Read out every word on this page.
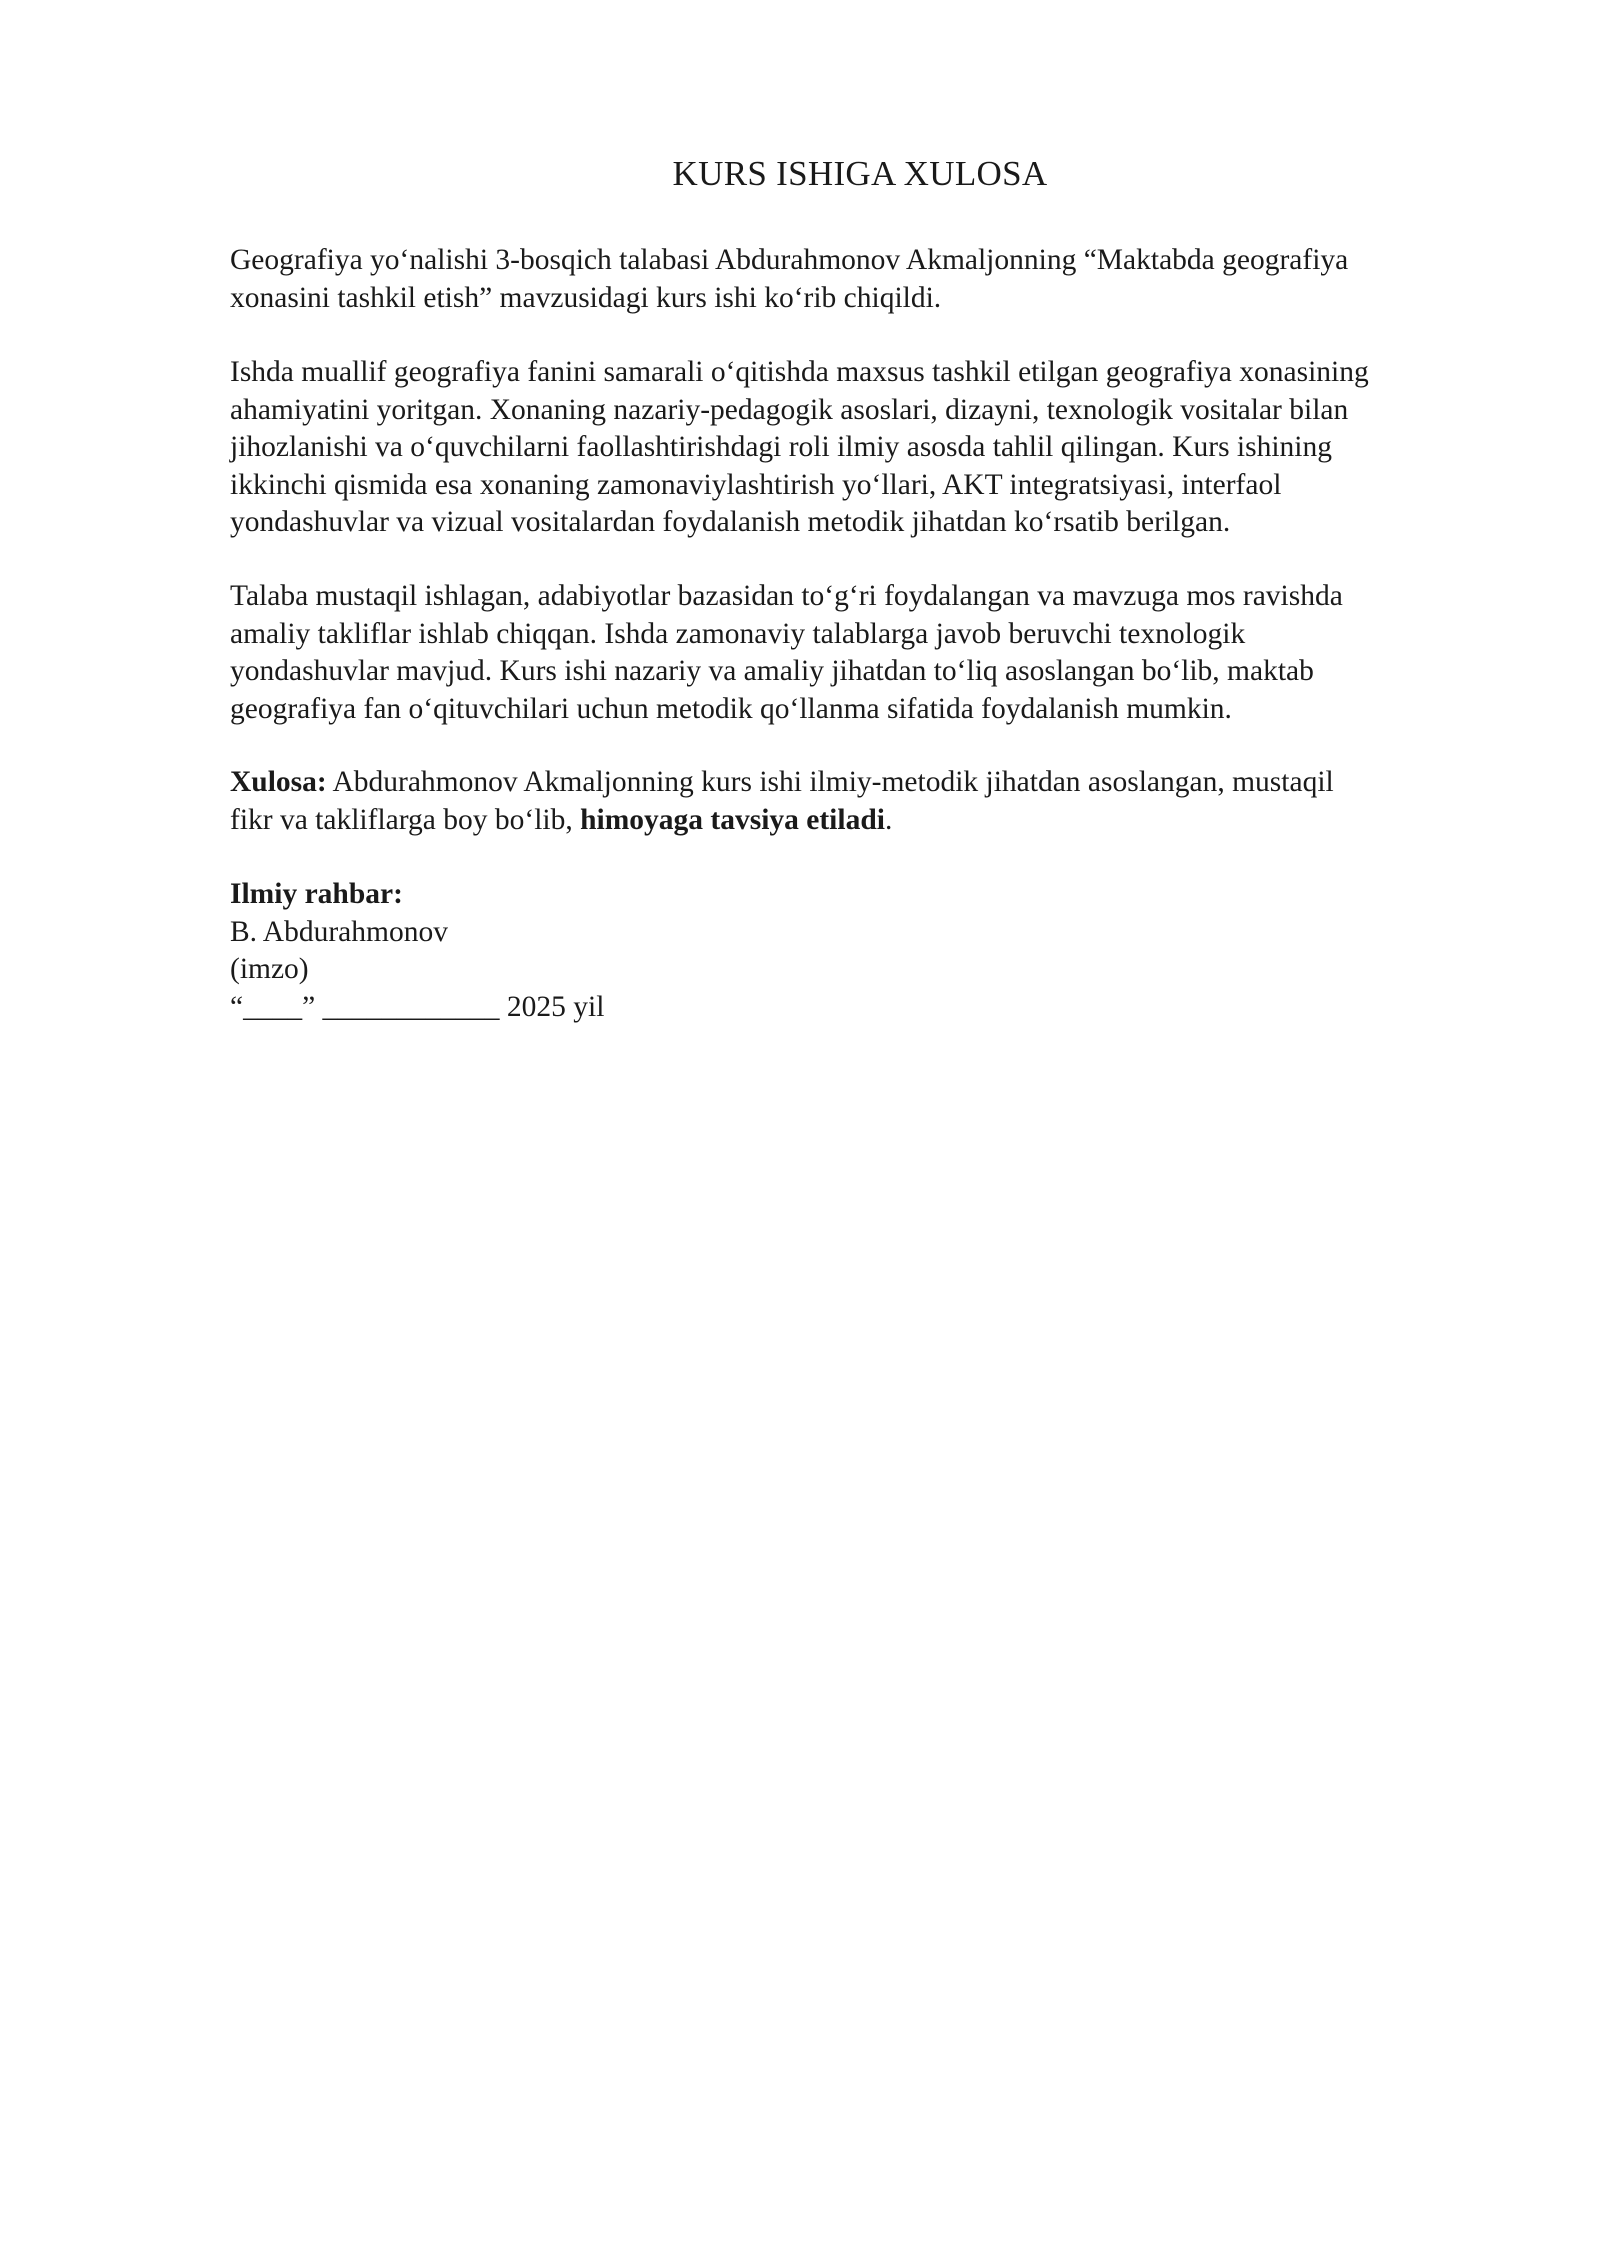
KURS ISHIGA XULOSA
Geografiya yoʻnalishi 3-bosqich talabasi Abdurahmonov Akmaljonning “Maktabda geografiya
xonasini tashkil etish” mavzusidagi kurs ishi koʻrib chiqildi.
Ishda muallif geografiya fanini samarali oʻqitishda maxsus tashkil etilgan geografiya xonasining
ahamiyatini yoritgan. Xonaning nazariy-pedagogik asoslari, dizayni, texnologik vositalar bilan
jihozlanishi va oʻquvchilarni faollashtirishdagi roli ilmiy asosda tahlil qilingan. Kurs ishining
ikkinchi qismida esa xonaning zamonaviylashtirish yoʻllari, AKT integratsiyasi, interfaol
yondashuvlar va vizual vositalardan foydalanish metodik jihatdan koʻrsatib berilgan.
Talaba mustaqil ishlagan, adabiyotlar bazasidan toʻgʻri foydalangan va mavzuga mos ravishda
amaliy takliflar ishlab chiqqan. Ishda zamonaviy talablarga javob beruvchi texnologik
yondashuvlar mavjud. Kurs ishi nazariy va amaliy jihatdan toʻliq asoslangan boʻlib, maktab
geografiya fan oʻqituvchilari uchun metodik qoʻllanma sifatida foydalanish mumkin.
Xulosa: Abdurahmonov Akmaljonning kurs ishi ilmiy-metodik jihatdan asoslangan, mustaqil
fikr va takliflarga boy boʻlib, himoyaga tavsiya etiladi.
Ilmiy rahbar:
B. Abdurahmonov
(imzo)
“____” ____________ 2025 yil
